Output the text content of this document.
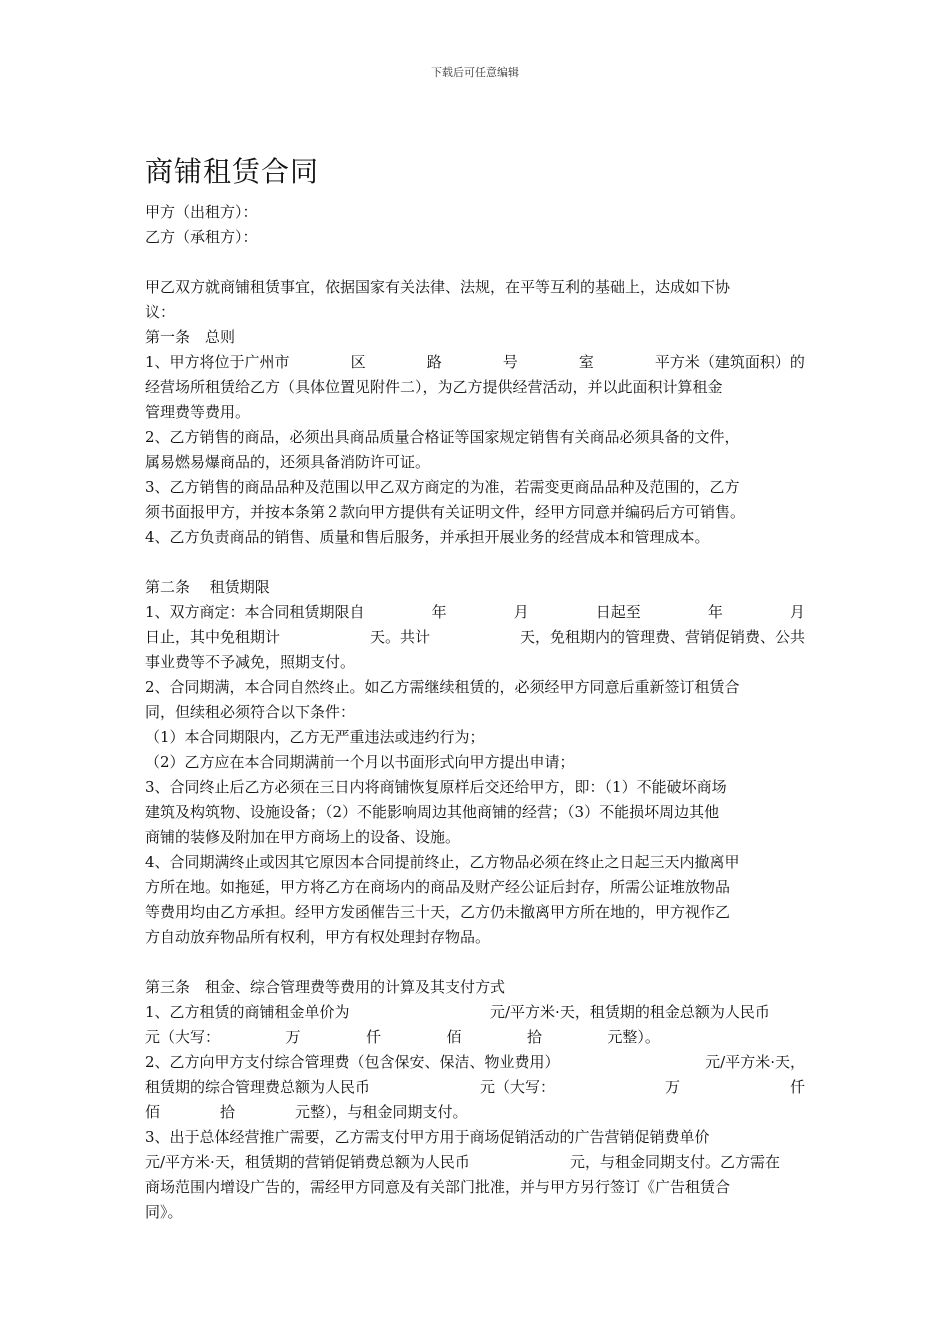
下载后可任意编辑
商铺租赁合同
甲方（出租方）：
乙方（承租方）：
甲乙双方就商铺租赁事宜，依据国家有关法律、法规，在平等互利的基础上，达成如下协
议：
第一条　总则
1、甲方将位于广州市	区	路	号	室	平方米（建筑面积）的
经营场所租赁给乙方（具体位置见附件二），为乙方提供经营活动，并以此面积计算租金
管理费等费用。
2、乙方销售的商品，必须出具商品质量合格证等国家规定销售有关商品必须具备的文件，
属易燃易爆商品的，还须具备消防许可证。
3、乙方销售的商品品种及范围以甲乙双方商定的为准，若需变更商品品种及范围的，乙方
须书面报甲方，并按本条第２款向甲方提供有关证明文件，经甲方同意并编码后方可销售。
4、乙方负责商品的销售、质量和售后服务，并承担开展业务的经营成本和管理成本。
第二条　 租赁期限
1、双方商定：本合同租赁期限自	年	月	日起至	年	月
日止，其中免租期计	天。共计	天，免租期内的管理费、营销促销费、公共
事业费等不予减免，照期支付。
2、合同期满，本合同自然终止。如乙方需继续租赁的，必须经甲方同意后重新签订租赁合
同，但续租必须符合以下条件：
（1）本合同期限内，乙方无严重违法或违约行为；
（2）乙方应在本合同期满前一个月以书面形式向甲方提出申请；
3、合同终止后乙方必须在三日内将商铺恢复原样后交还给甲方，即：（1）不能破坏商场
建筑及构筑物、设施设备；（2）不能影响周边其他商铺的经营；（3）不能损坏周边其他
商铺的装修及附加在甲方商场上的设备、设施。
4、合同期满终止或因其它原因本合同提前终止，乙方物品必须在终止之日起三天内撤离甲
方所在地。如拖延，甲方将乙方在商场内的商品及财产经公证后封存，所需公证堆放物品
等费用均由乙方承担。经甲方发函催告三十天，乙方仍未撤离甲方所在地的，甲方视作乙
方自动放弃物品所有权利，甲方有权处理封存物品。
第三条　租金、综合管理费等费用的计算及其支付方式
1、乙方租赁的商铺租金单价为	元/平方米·天，租赁期的租金总额为人民币
元（大写：	万	仟	佰	拾	元整）。
2、乙方向甲方支付综合管理费（包含保安、保洁、物业费用）	元/平方米·天，
租赁期的综合管理费总额为人民币	元（大写：	万	仟
佰	拾	元整），与租金同期支付。
3、出于总体经营推广需要，乙方需支付甲方用于商场促销活动的广告营销促销费单价
元/平方米·天，租赁期的营销促销费总额为人民币	元，与租金同期支付。乙方需在
商场范围内增设广告的，需经甲方同意及有关部门批准，并与甲方另行签订《广告租赁合
同》。
